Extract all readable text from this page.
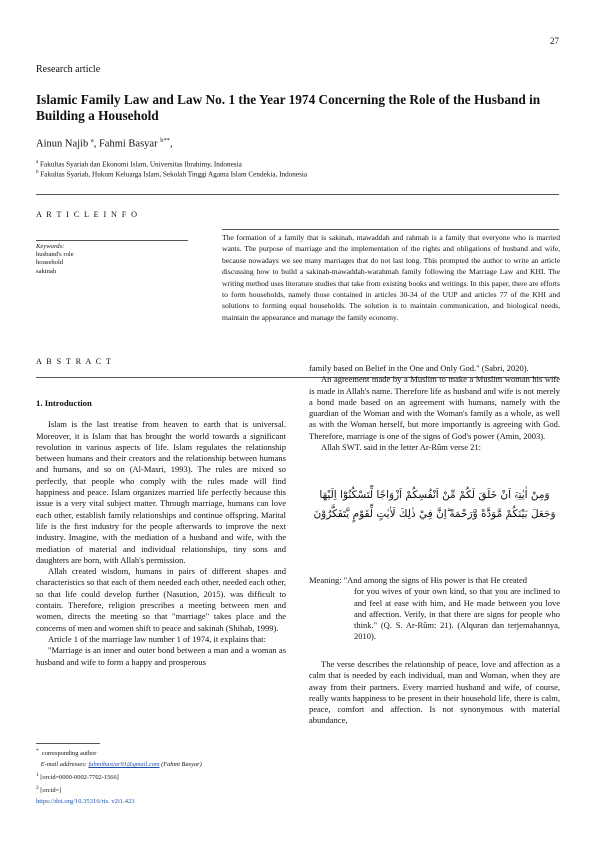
27
Research article
Islamic Family Law and Law No. 1 the Year 1974 Concerning the Role of the Husband in Building a Household
Ainun Najib $^a$, Fahmi Basyar $^{b**}$,
$^a$ Fakultas Syariah dan Ekonomi Islam, Universitas Ibrahimy, Indonesia
$^b$ Fakultas Syariah, Hukum Keluarga Islam, Sekolah Tinggi Agama Islam Cendekia, Indonesia
A R T I C L E I N F O
Keywords:
husband's role
household
sakinah
The formation of a family that is sakinah, mawaddah and rahmah is a family that everyone who is married wants. The purpose of marriage and the implementation of the rights and obligations of husband and wife, because nowadays we see many marriages that do not last long. This prompted the author to write an article discussing how to build a sakinah-mawaddah-warahmah family following the Marriage Law and KHI. The writing method uses literature studies that take from existing books and writings. In this paper, there are efforts to form households, namely those contained in articles 30-34 of the UUP and articles 77 of the KHI and solutions to forming equal households. The solution is to maintain communication, and biological needs, maintain the appearance and manage the family economy.
A B S T R A C T

1. Introduction

Islam is the last treatise from heaven to earth that is universal. Moreover, it is Islam that has brought the world towards a significant revolution in various aspects of life. Islam regulates the relationship between humans and their creators and the relationship between humans and humans, and so on (Al-Masri, 1993). The rules are mixed so perfectly, that people who comply with the rules made will find happiness and peace. Islam organizes married life perfectly because this issue is a very vital subject matter. Through marriage, humans can love each other, establish family relationships and continue offspring. Marital life is the first industry for the people afterwards to improve the next industry. Imagine, with the mediation of a husband and wife, with the mediation of material and individual relationships, tiny sons and daughters are born, with Allah's permission.

Allah created wisdom, humans in pairs of different shapes and characteristics so that each of them needed each other, needed each other, so that life could develop further (Nasution, 2015). was difficult to contain. Therefore, religion prescribes a meeting between men and women, directs the meeting so that "marriage" takes place and the concerns of men and women shift to peace and sakinah (Shihab, 1999).

Article 1 of the marriage law number 1 of 1974, it explains that:

"Marriage is an inner and outer bond between a man and a woman as husband and wife to form a happy and prosperous

family based on Belief in the One and Only God." (Sabri, 2020).

An agreement made by a Muslim to make a Muslim woman his wife is made in Allah's name. Therefore life as husband and wife is not merely a bond made based on an agreement with humans, namely with the guardian of the Woman and with the Woman's family as a whole, as well as with the Woman herself, but more importantly is agreeing with God. Therefore, marriage is one of the signs of God's power (Amin, 2003).

Allah SWT. said in the letter Ar-Rûm verse 21:

وَمِنْ اٰيٰتِهٖٓ اَنْ خَلَقَ لَكُمْ مِّنْ اَنْفُسِكُمْ اَزْوَاجًا لِّتَسْكُنُوْٓا اِلَيْهَا وَجَعَلَ بَيْنَكُمْ مَّوَدَّةً وَّرَحْمَةً ۗاِنَّ فِيْ ذٰلِكَ لَاٰيٰتٍ لِّقَوْمٍ يَّتَفَكَّرُوْنَ
Meaning:
"And among the signs of His power is that He created
for you wives of your own kind, so that you are inclined to and feel at ease with him, and He made between you love and affection. Verily, in that there are signs for people who think." (Q. S. Ar-Rûm: 21). (Alquran dan terjemahannya, 2010).

The verse describes the relationship of peace, love and affection as a calm that is needed by each individual, man and Woman, when they are away from their partners. Every married husband and wife, of course, really wants happiness to be present in their household life, there is calm, peace, comfort and affection. Is not synonymous with material abundance,

* corresponding author
E-mail addresses: fahmibasyar91@gmail.com (Fahmi Basyar)
$^1$ [orcid=0000-0002-7702-1566]
$^2$ [orcid=]
https://doi.org/10.35316/ris. v2i1.423
